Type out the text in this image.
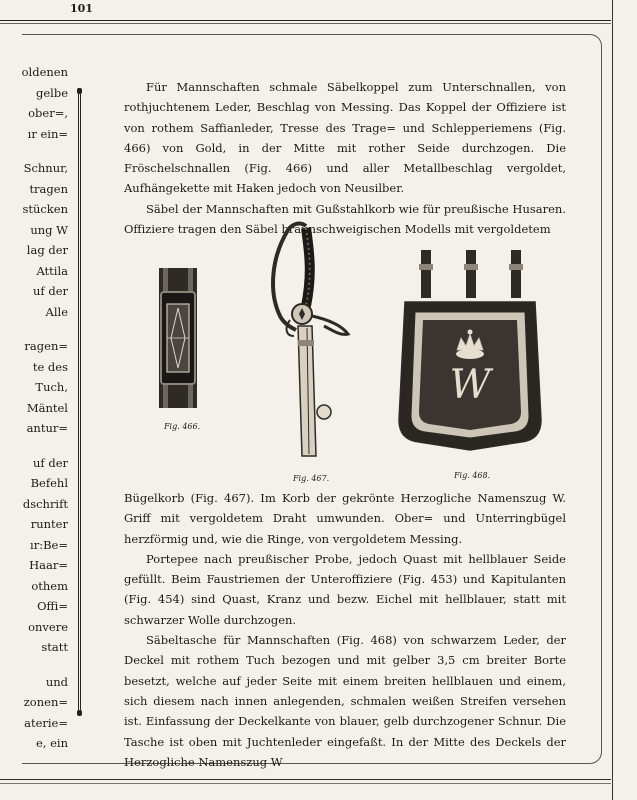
101
oldenen
gelbe
ober=,
ır ein=
Schnur,
tragen
stücken
ung W
lag der
Attila
uf der
Alle
ragen=
te des
Tuch,
Mäntel
antur=
uf der
Befehl
dschrift
runter
ır:Be=
Haar=
othem
Offi=
onvere
statt
und
zonen=
aterie=
e, ein

Für Mannschaften schmale Säbelkoppel zum Unterschnallen, von rothjuchtenem Leder, Beschlag von Messing. Das Koppel der Offiziere ist von rothem Saffianleder, Tresse des Trage= und Schlepperiemens (Fig. 466) von Gold, in der Mitte mit rother Seide durchzogen. Die Fröschelschnallen (Fig. 466) und aller Metallbeschlag vergoldet, Aufhängekette mit Haken jedoch von Neusilber.

Säbel der Mannschaften mit Gußstahlkorb wie für preußische Husaren. Offiziere tragen den Säbel braunschweigischen Modells mit vergoldetem

Fig. 466.
Fig. 467.
W
Fig. 468.

Bügelkorb (Fig. 467). Im Korb der gekrönte Herzogliche Namenszug W. Griff mit vergoldetem Draht umwunden. Ober= und Unterringbügel herzförmig und, wie die Ringe, von vergoldetem Messing.

Portepee nach preußischer Probe, jedoch Quast mit hellblauer Seide gefüllt. Beim Faustriemen der Unteroffiziere (Fig. 453) und Kapitulanten (Fig. 454) sind Quast, Kranz und bezw. Eichel mit hellblauer, statt mit schwarzer Wolle durchzogen.

Säbeltasche für Mannschaften (Fig. 468) von schwarzem Leder, der Deckel mit rothem Tuch bezogen und mit gelber 3,5 cm breiter Borte besetzt, welche auf jeder Seite mit einem breiten hellblauen und einem, sich diesem nach innen anlegenden, schmalen weißen Streifen versehen ist. Einfassung der Deckelkante von blauer, gelb durchzogener Schnur. Die Tasche ist oben mit Juchtenleder eingefaßt. In der Mitte des Deckels der Herzogliche Namenszug W
